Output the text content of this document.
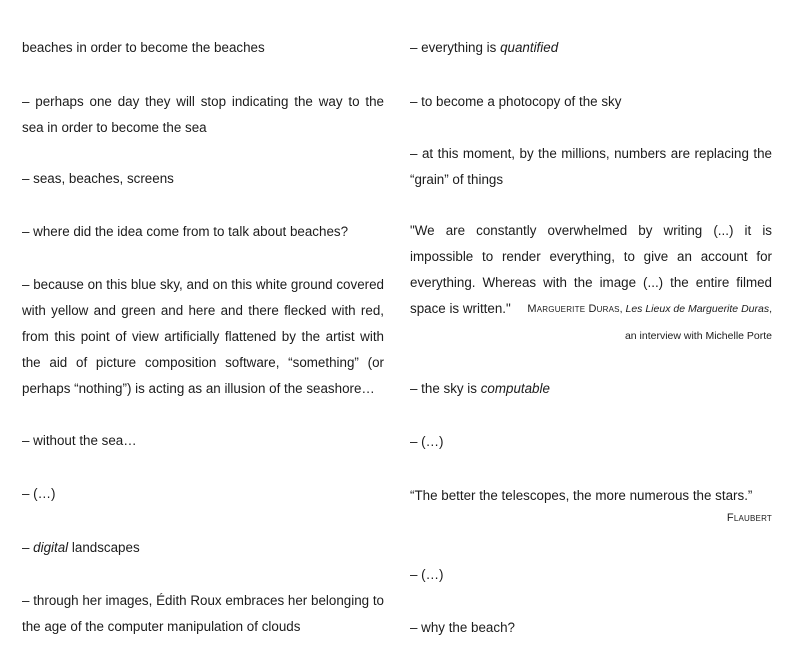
beaches in order to become the beaches

– perhaps one day they will stop indicating the way to the sea in order to become the sea

– seas, beaches, screens

– where did the idea come from to talk about beaches?

– because on this blue sky, and on this white ground covered with yellow and green and here and there flecked with red, from this point of view artificially flattened by the artist with the aid of picture composition software, “something” (or perhaps “nothing”) is acting as an illusion of the seashore…

– without the sea…

– (…)

– digital landscapes

– through her images, Édith Roux embraces her belonging to the age of the computer manipulation of clouds

– everything is quantified

– to become a photocopy of the sky

– at this moment, by the millions, numbers are replacing the “grain” of things

"We are constantly overwhelmed by writing (...) it is impossible to render everything, to give an account for everything. Whereas with the image (...) the entire filmed space is written."	Marguerite Duras, Les Lieux de Marguerite Duras,

an interview with Michelle Porte

– the sky is computable

– (…)

“The better the telescopes, the more numerous the stars.”

Flaubert

– (…)

– why the beach?
